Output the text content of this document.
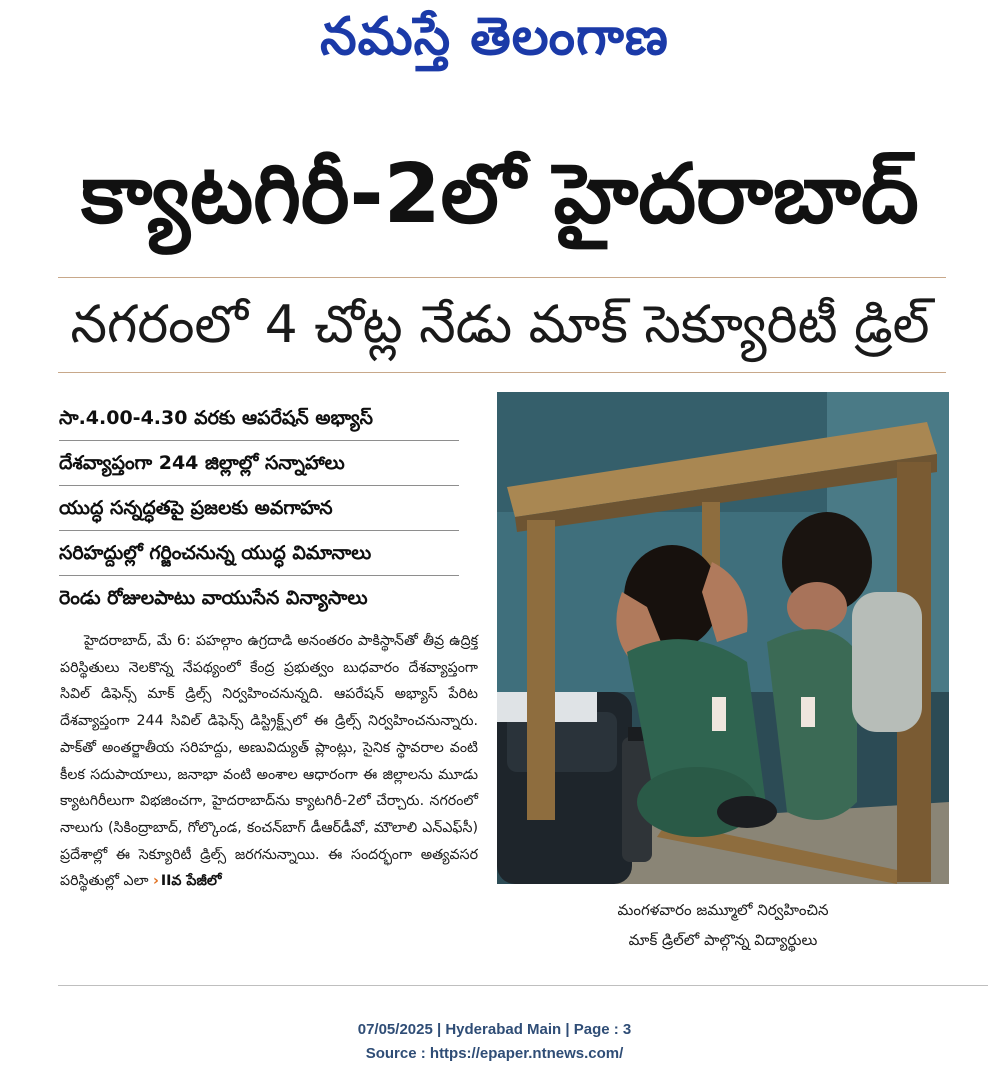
నమస్తే తెలంగాణ
క్యాటగిరీ-2లో హైదరాబాద్
నగరంలో 4 చోట్ల నేడు మాక్ సెక్యూరిటీ డ్రిల్
సా.4.00-4.30 వరకు ఆపరేషన్ అభ్యాస్
దేశవ్యాప్తంగా 244 జిల్లాల్లో సన్నాహాలు
యుద్ధ సన్నద్ధతపై ప్రజలకు అవగాహన
సరిహద్దుల్లో గర్జించనున్న యుద్ధ విమానాలు
రెండు రోజులపాటు వాయుసేన విన్యాసాలు

హైదరాబాద్, మే 6: పహల్గాం ఉగ్రదాడి అనంతరం పాకిస్థాన్‌తో తీవ్ర ఉద్రిక్త పరిస్థితులు నెలకొన్న నేపథ్యంలో కేంద్ర ప్రభుత్వం బుధవారం దేశవ్యాప్తంగా సివిల్ డిఫెన్స్ మాక్ డ్రిల్స్ నిర్వహించనున్నది. ఆపరేషన్ అభ్యాస్ పేరిట దేశవ్యాప్తంగా 244 సివిల్ డిఫెన్స్ డిస్ట్రిక్ట్స్‌లో ఈ డ్రిల్స్ నిర్వహించనున్నారు. పాక్‌తో అంతర్జాతీయ సరిహద్దు, అణువిద్యుత్ ప్లాంట్లు, సైనిక స్థావరాల వంటి కీలక సదుపాయాలు, జనాభా వంటి అంశాల ఆధారంగా ఈ జిల్లాలను మూడు క్యాటగిరీలుగా విభజించగా, హైదరాబాద్‌ను క్యాటగిరీ-2లో చేర్చారు. నగరంలో నాలుగు (సికింద్రాబాద్, గోల్కొండ, కంచన్‌బాగ్ డీఆర్‌డీవో, మౌలాలి ఎన్ఎఫ్‌సీ) ప్రదేశాల్లో ఈ సెక్యూరిటీ డ్రిల్స్ జరగనున్నాయి. ఈ సందర్భంగా అత్యవసర పరిస్థితుల్లో ఎలా › IIవ పేజీలో

మంగళవారం జమ్మూలో నిర్వహించిన
మాక్ డ్రిల్‌లో పాల్గొన్న విద్యార్థులు
07/05/2025 | Hyderabad Main | Page : 3
Source : https://epaper.ntnews.com/
